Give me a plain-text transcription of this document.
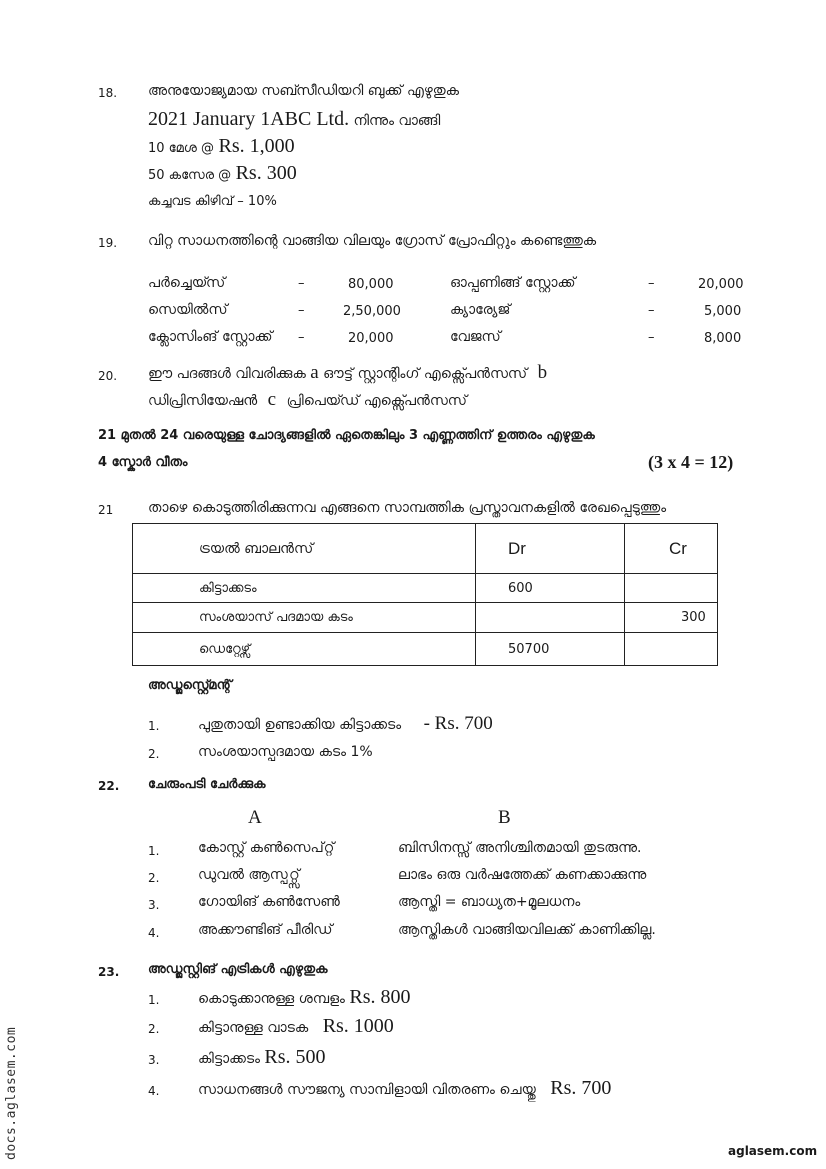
18. അനുയോജ്യമായ സബ്സീഡിയറി ബുക്ക് എഴുതുക
2021 January 1ABC Ltd. നിന്നും വാങ്ങി
10 മേശ @ Rs. 1,000
50 കസേര @ Rs. 300
കച്ചവട കിഴിവ് – 10%
19. വിറ്റ സാധനത്തിന്റെ വാങ്ങിയ വിലയും ഗ്രോസ് പ്രോഫിറ്റും കണ്ടെത്തുക
പർച്ചെയ്സ്	–	80,000	ഓപ്പണിങ്ങ് സ്റ്റോക്ക്	–	20,000
സെയിൽസ്	–	2,50,000	ക്യാര്യേജ്	–	5,000
ക്ലോസിംങ് സ്റ്റോക്ക് –	20,000	വേജസ്	–	8,000
20. ഈ പദങ്ങൾ വിവരിക്കുക a ഔട്ട് സ്റ്റാന്റിംഗ് എക്സ്പെൻസസ് b
ഡിപ്രിസിയേഷൻ c പ്രിപെയ്ഡ് എക്സ്പെൻസസ്
21 മുതൽ 24 വരെയുള്ള ചോദ്യങ്ങളിൽ ഏതെങ്കിലും 3 എണ്ണത്തിന് ഉത്തരം എഴുതുക
4 സ്കോർ വീതം	(3 x 4 = 12)
21 താഴെ കൊടുത്തിരിക്കുന്നവ എങ്ങനെ സാമ്പത്തിക പ്രസ്താവനകളിൽ രേഖപ്പെടുത്തും
ട്രയൽ ബാലൻസ്	Dr	Cr
കിട്ടാക്കടം	600	
സംശയാസ് പദമായ കടം		300
ഡെറ്റേഴ്സ്	50700	
അഡ്ജസ്റ്റ്മെന്റ്
1.	പുതുതായി ഉണ്ടാക്കിയ കിട്ടാക്കടം - Rs. 700
2.	സംശയാസ്പദമായ കടം 1%
22. ചേരുംപടി ചേർക്കുക
A	B
1.	കോസ്റ്റ് കൺസെപ്റ്റ്	ബിസിനസ്സ് അനിശ്ചിതമായി തുടരുന്നു.
2.	ഡുവൽ ആസ്പറ്റ്സ്	ലാഭം ഒരു വർഷത്തേക്ക് കണക്കാക്കുന്നു
3.	ഗോയിങ് കൺസേൺ	ആസ്തി = ബാധ്യത+മൂലധനം
4.	അക്കൗണ്ടിങ് പീരിഡ്	ആസ്തികൾ വാങ്ങിയവിലക്ക് കാണിക്കില്ല.
23. അഡ്ജസ്റ്റിങ് എട്രികൾ എഴുതുക
1.	കൊടുക്കാനുള്ള ശമ്പളം Rs. 800
2.	കിട്ടാനുള്ള വാടക Rs. 1000
3.	കിട്ടാക്കടം Rs. 500
4.	സാധനങ്ങൾ സൗജന്യ സാമ്പിളായി വിതരണം ചെയ്തു Rs. 700
docs.aglasem.com	aglasem.com
